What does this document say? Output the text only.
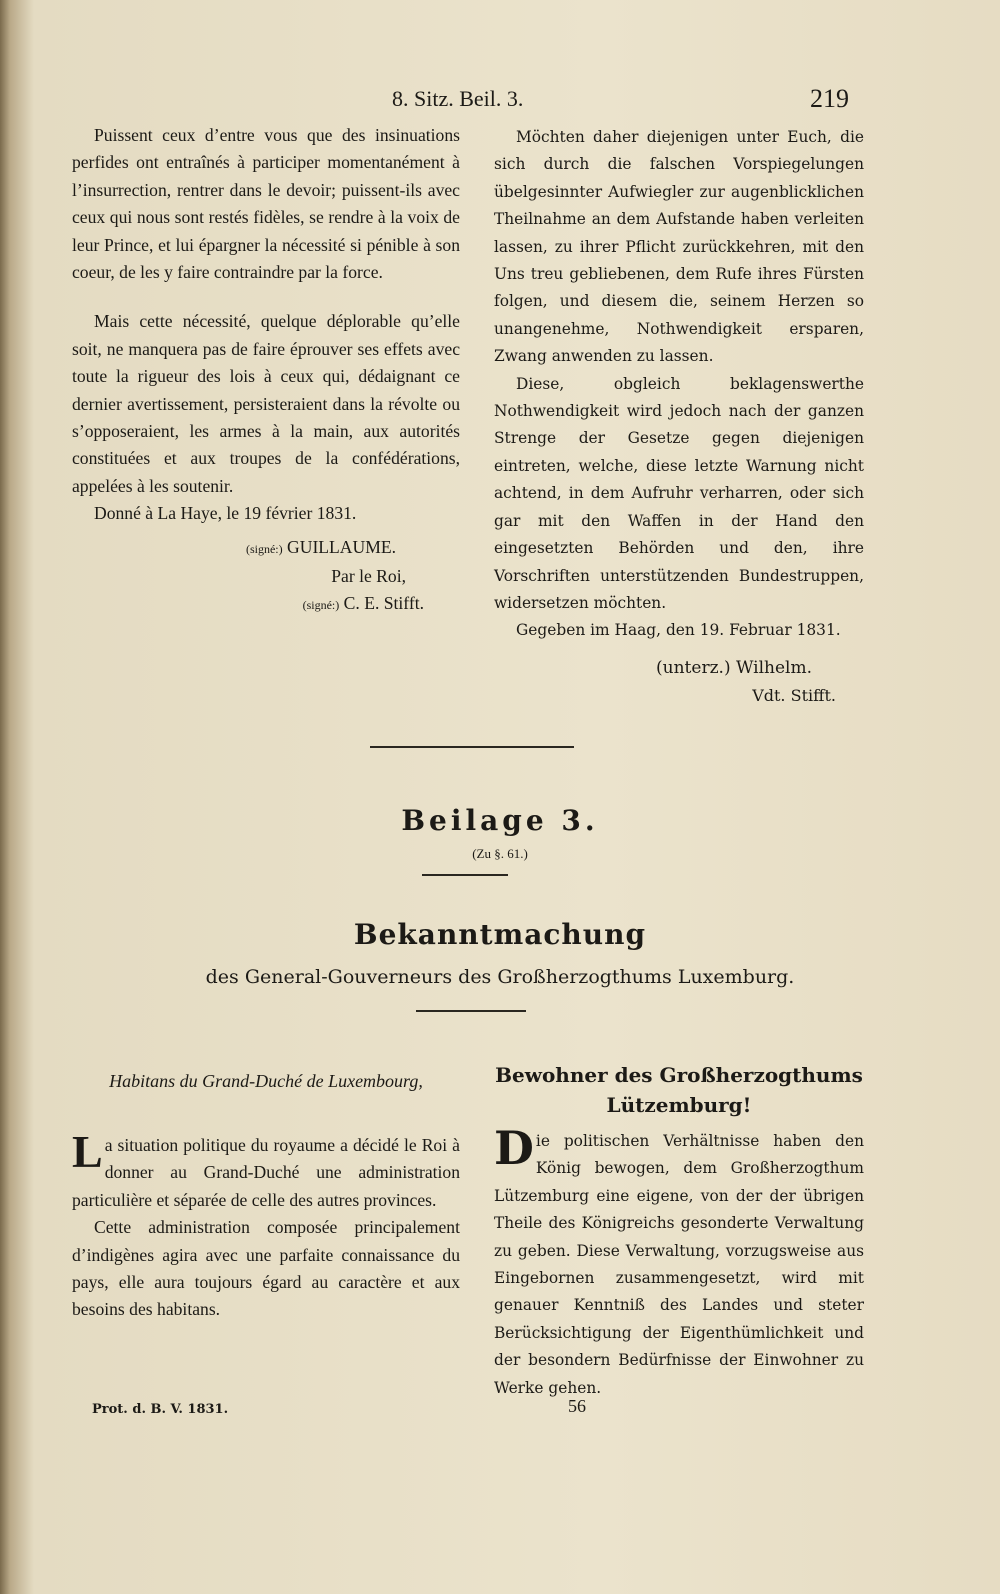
8. Sitz. Beil. 3.	219

Puissent ceux d’entre vous que des insinuations perfides ont entraînés à participer momentanément à l’insurrection, rentrer dans le devoir; puissent-ils avec ceux qui nous sont restés fidèles, se rendre à la voix de leur Prince, et lui épargner la nécessité si pénible à son coeur, de les y faire contraindre par la force.

Mais cette nécessité, quelque déplorable qu’elle soit, ne manquera pas de faire éprouver ses effets avec toute la rigueur des lois à ceux qui, dédaignant ce dernier avertissement, persisteraient dans la révolte ou s’opposeraient, les armes à la main, aux autorités constituées et aux troupes de la confédérations, appelées à les soutenir.

Donné à La Haye, le 19 février 1831.

(signé:) GUILLAUME.

Par le Roi,

(signé:) C. E. Stifft.

Möchten daher diejenigen unter Euch, die sich durch die falschen Vorspiegelungen übelgesinnter Aufwiegler zur augenblicklichen Theilnahme an dem Aufstande haben verleiten lassen, zu ihrer Pflicht zurückkehren, mit den Uns treu gebliebenen, dem Rufe ihres Fürsten folgen, und diesem die, seinem Herzen so unangenehme, Nothwendigkeit ersparen, Zwang anwenden zu lassen.

Diese, obgleich beklagenswerthe Nothwendigkeit wird jedoch nach der ganzen Strenge der Gesetze gegen diejenigen eintreten, welche, diese letzte Warnung nicht achtend, in dem Aufruhr verharren, oder sich gar mit den Waffen in der Hand den eingesetzten Behörden und den, ihre Vorschriften unterstützenden Bundestruppen, widersetzen möchten.

Gegeben im Haag, den 19. Februar 1831.

(unterz.) Wilhelm.

Vdt. Stifft.

Beilage 3.
(Zu §. 61.)
Bekanntmachung
des General-Gouverneurs des Großherzogthums Luxemburg.
Habitans du Grand-Duché de Luxembourg,	Bewohner des Großherzogthums Lützemburg!

La situation politique du royaume a décidé le Roi à donner au Grand-Duché une administration particulière et séparée de celle des autres provinces.

Cette administration composée principalement d’indigènes agira avec une parfaite connaissance du pays, elle aura toujours égard au caractère et aux besoins des habitans.

Die politischen Verhältnisse haben den König bewogen, dem Großherzogthum Lützemburg eine eigene, von der der übrigen Theile des Königreichs gesonderte Verwaltung zu geben. Diese Verwaltung, vorzugsweise aus Eingebornen zusammengesetzt, wird mit genauer Kenntniß des Landes und steter Berücksichtigung der Eigenthümlichkeit und der besondern Bedürfnisse der Einwohner zu Werke gehen.

Prot. d. B. V. 1831.	56
